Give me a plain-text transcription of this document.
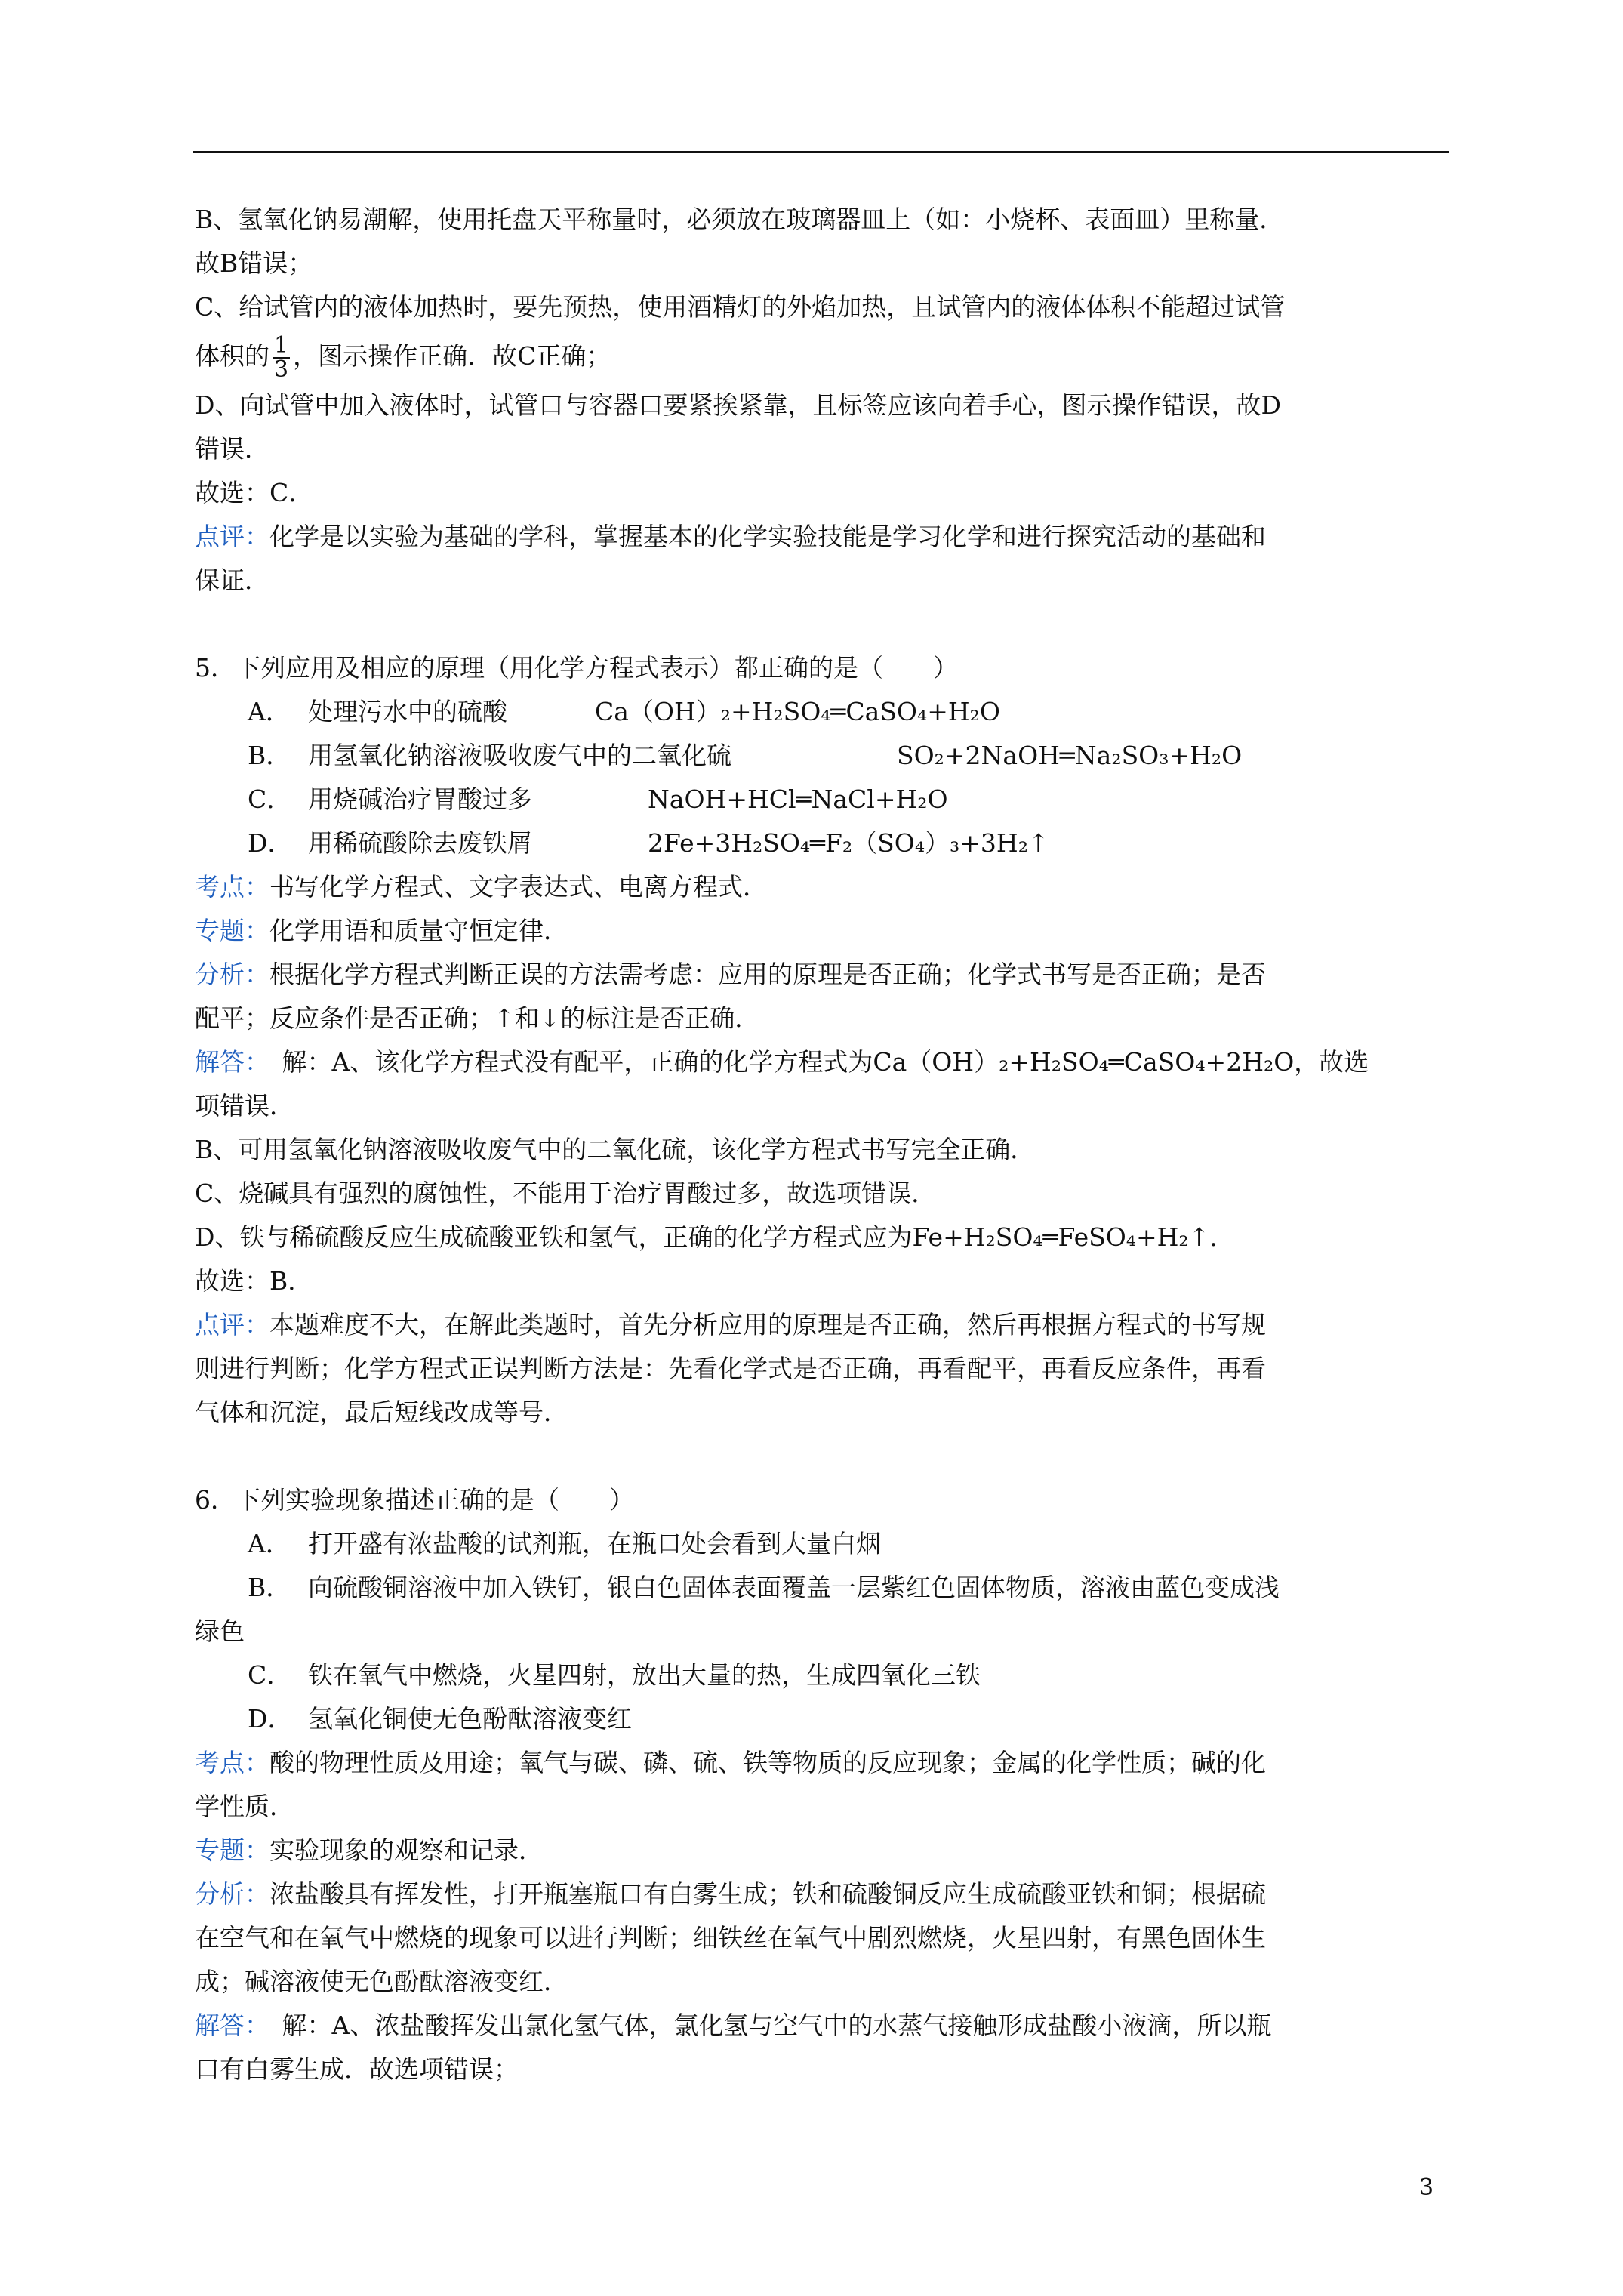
B、氢氧化钠易潮解，使用托盘天平称量时，必须放在玻璃器皿上（如：小烧杯、表面皿）里称量．
故B错误；
C、给试管内的液体加热时，要先预热，使用酒精灯的外焰加热，且试管内的液体体积不能超过试管
体积的 $\frac{1}{3}$ ，图示操作正确．故C正确；
D、向试管中加入液体时，试管口与容器口要紧挨紧靠，且标签应该向着手心，图示操作错误，故D
错误．
故选：C．
点评：化学是以实验为基础的学科，掌握基本的化学实验技能是学习化学和进行探究活动的基础和
保证．
5．下列应用及相应的原理（用化学方程式表示）都正确的是（　　）
A． 处理污水中的硫酸	Ca（OH）₂+H₂SO₄═CaSO₄+H₂O
B． 用氢氧化钠溶液吸收废气中的二氧化硫	SO₂+2NaOH═Na₂SO₃+H₂O
C． 用烧碱治疗胃酸过多	NaOH+HCl═NaCl+H₂O
D． 用稀硫酸除去废铁屑	2Fe+3H₂SO₄═F₂（SO₄）₃+3H₂↑
考点：书写化学方程式、文字表达式、电离方程式．
专题：化学用语和质量守恒定律．
分析：根据化学方程式判断正误的方法需考虑：应用的原理是否正确；化学式书写是否正确；是否
配平；反应条件是否正确；↑和↓的标注是否正确．
解答：　解：A、该化学方程式没有配平，正确的化学方程式为Ca（OH）₂+H₂SO₄═CaSO₄+2H₂O，故选
项错误．
B、可用氢氧化钠溶液吸收废气中的二氧化硫，该化学方程式书写完全正确．
C、烧碱具有强烈的腐蚀性，不能用于治疗胃酸过多，故选项错误．
D、铁与稀硫酸反应生成硫酸亚铁和氢气，正确的化学方程式应为Fe+H₂SO₄═FeSO₄+H₂↑．
故选：B．
点评：本题难度不大，在解此类题时，首先分析应用的原理是否正确，然后再根据方程式的书写规
则进行判断；化学方程式正误判断方法是：先看化学式是否正确，再看配平，再看反应条件，再看
气体和沉淀，最后短线改成等号．
6．下列实验现象描述正确的是（　　）
A． 打开盛有浓盐酸的试剂瓶，在瓶口处会看到大量白烟
B． 向硫酸铜溶液中加入铁钉，银白色固体表面覆盖一层紫红色固体物质，溶液由蓝色变成浅
绿色
C． 铁在氧气中燃烧，火星四射，放出大量的热，生成四氧化三铁
D． 氢氧化铜使无色酚酞溶液变红
考点：酸的物理性质及用途；氧气与碳、磷、硫、铁等物质的反应现象；金属的化学性质；碱的化
学性质．
专题：实验现象的观察和记录．
分析：浓盐酸具有挥发性，打开瓶塞瓶口有白雾生成；铁和硫酸铜反应生成硫酸亚铁和铜；根据硫
在空气和在氧气中燃烧的现象可以进行判断；细铁丝在氧气中剧烈燃烧，火星四射，有黑色固体生
成；碱溶液使无色酚酞溶液变红．
解答：　解：A、浓盐酸挥发出氯化氢气体，氯化氢与空气中的水蒸气接触形成盐酸小液滴，所以瓶
口有白雾生成．故选项错误；
3
